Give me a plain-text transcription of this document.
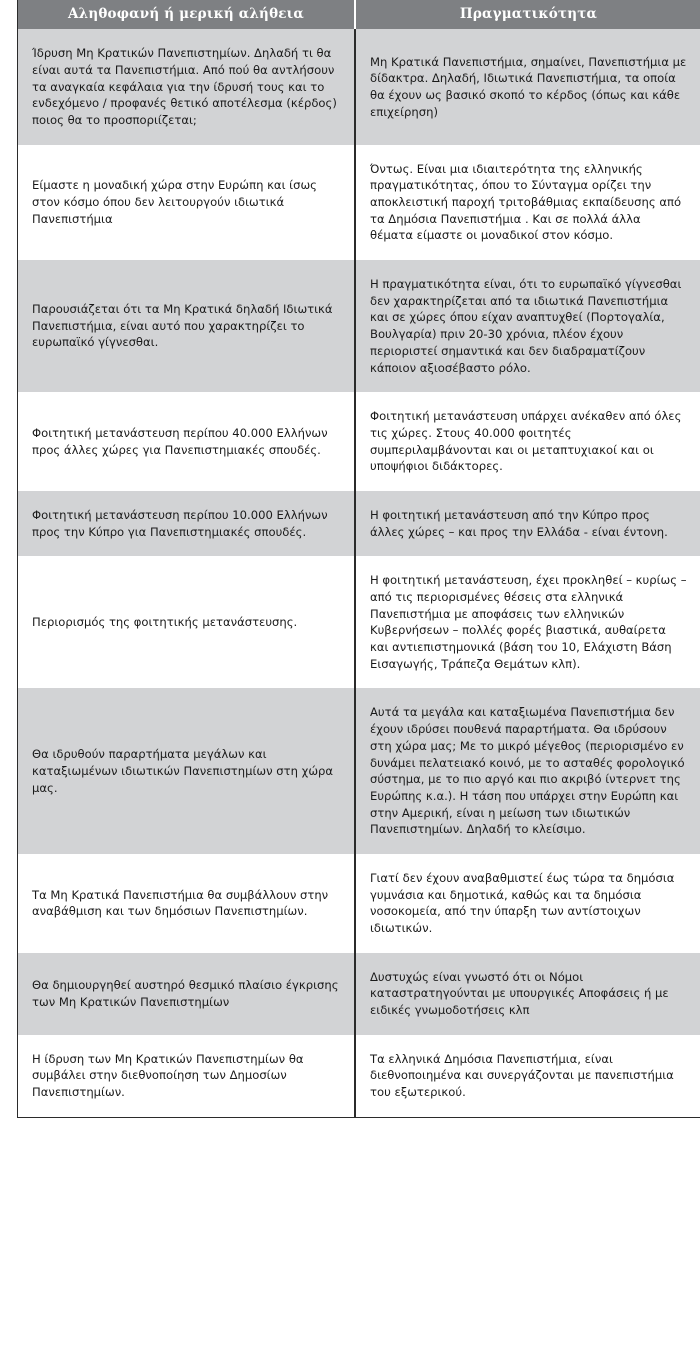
Αληθοφανή ή μερική αλήθεια	Πραγματικότητα

Ίδρυση Μη Κρατικών Πανεπιστημίων. Δηλαδή τι θα είναι αυτά τα Πανεπιστήμια. Από πού θα αντλήσουν τα αναγκαία κεφάλαια για την ίδρυσή τους και το ενδεχόμενο / προφανές θετικό αποτέλεσμα (κέρδος) ποιος θα το προσποριίζεται;	Μη Κρατικά Πανεπιστήμια, σημαίνει, Πανεπιστήμια με δίδακτρα. Δηλαδή, Ιδιωτικά Πανεπιστήμια, τα οποία θα έχουν ως βασικό σκοπό το κέρδος (όπως και κάθε επιχείρηση)

Είμαστε η μοναδική χώρα στην Ευρώπη και ίσως στον κόσμο όπου δεν λειτουργούν ιδιωτικά Πανεπιστήμια	Όντως. Είναι μια ιδιαιτερότητα της ελληνικής πραγματικότητας, όπου το Σύνταγμα ορίζει την αποκλειστική παροχή τριτοβάθμιας εκπαίδευσης από τα Δημόσια Πανεπιστήμια . Και σε πολλά άλλα θέματα είμαστε οι μοναδικοί στον κόσμο.

Παρουσιάζεται ότι τα Μη Κρατικά δηλαδή Ιδιωτικά Πανεπιστήμια, είναι αυτό που χαρακτηρίζει το ευρωπαϊκό γίγνεσθαι.	Η πραγματικότητα είναι, ότι το ευρωπαϊκό γίγνεσθαι δεν χαρακτηρίζεται από τα ιδιωτικά Πανεπιστήμια και σε χώρες όπου είχαν αναπτυχθεί (Πορτογαλία, Βουλγαρία) πριν 20-30 χρόνια, πλέον έχουν περιοριστεί σημαντικά και δεν διαδραματίζουν κάποιον αξιοσέβαστο ρόλο.

Φοιτητική μετανάστευση περίπου 40.000 Ελλήνων προς άλλες χώρες για Πανεπιστημιακές σπουδές.	Φοιτητική μετανάστευση υπάρχει ανέκαθεν από όλες τις χώρες. Στους 40.000 φοιτητές συμπεριλαμβάνονται και οι μεταπτυχιακοί και οι υποψήφιοι διδάκτορες.

Φοιτητική μετανάστευση περίπου 10.000 Ελλήνων προς την Κύπρο για Πανεπιστημιακές σπουδές.	Η φοιτητική μετανάστευση από την Κύπρο προς άλλες χώρες – και προς την Ελλάδα - είναι έντονη.

Περιορισμός της φοιτητικής μετανάστευσης.	Η φοιτητική μετανάστευση, έχει προκληθεί – κυρίως – από τις περιορισμένες θέσεις στα ελληνικά Πανεπιστήμια με αποφάσεις των ελληνικών Κυβερνήσεων – πολλές φορές βιαστικά, αυθαίρετα και αντιεπιστημονικά (βάση του 10, Ελάχιστη Βάση Εισαγωγής, Τράπεζα Θεμάτων κλπ).

Θα ιδρυθούν παραρτήματα μεγάλων και καταξιωμένων ιδιωτικών Πανεπιστημίων στη χώρα μας.	Αυτά τα μεγάλα και καταξιωμένα Πανεπιστήμια δεν έχουν ιδρύσει πουθενά παραρτήματα. Θα ιδρύσουν στη χώρα μας; Με το μικρό μέγεθος (περιορισμένο εν δυνάμει πελατειακό κοινό, με το ασταθές φορολογικό σύστημα, με το πιο αργό και πιο ακριβό ίντερνετ της Ευρώπης κ.α.). Η τάση που υπάρχει στην Ευρώπη και στην Αμερική, είναι η μείωση των ιδιωτικών Πανεπιστημίων. Δηλαδή το κλείσιμο.

Τα Μη Κρατικά Πανεπιστήμια θα συμβάλλουν στην αναβάθμιση και των δημόσιων Πανεπιστημίων.	Γιατί δεν έχουν αναβαθμιστεί έως τώρα τα δημόσια γυμνάσια και δημοτικά, καθώς και τα δημόσια νοσοκομεία, από την ύπαρξη των αντίστοιχων ιδιωτικών.

Θα δημιουργηθεί αυστηρό θεσμικό πλαίσιο έγκρισης των Μη Κρατικών Πανεπιστημίων	Δυστυχώς είναι γνωστό ότι οι Νόμοι καταστρατηγούνται με υπουργικές Αποφάσεις ή με ειδικές γνωμοδοτήσεις κλπ

Η ίδρυση των Μη Κρατικών Πανεπιστημίων θα συμβάλει στην διεθνοποίηση των Δημοσίων Πανεπιστημίων.	Τα ελληνικά Δημόσια Πανεπιστήμια, είναι διεθνοποιημένα και συνεργάζονται με πανεπιστήμια του εξωτερικού.
